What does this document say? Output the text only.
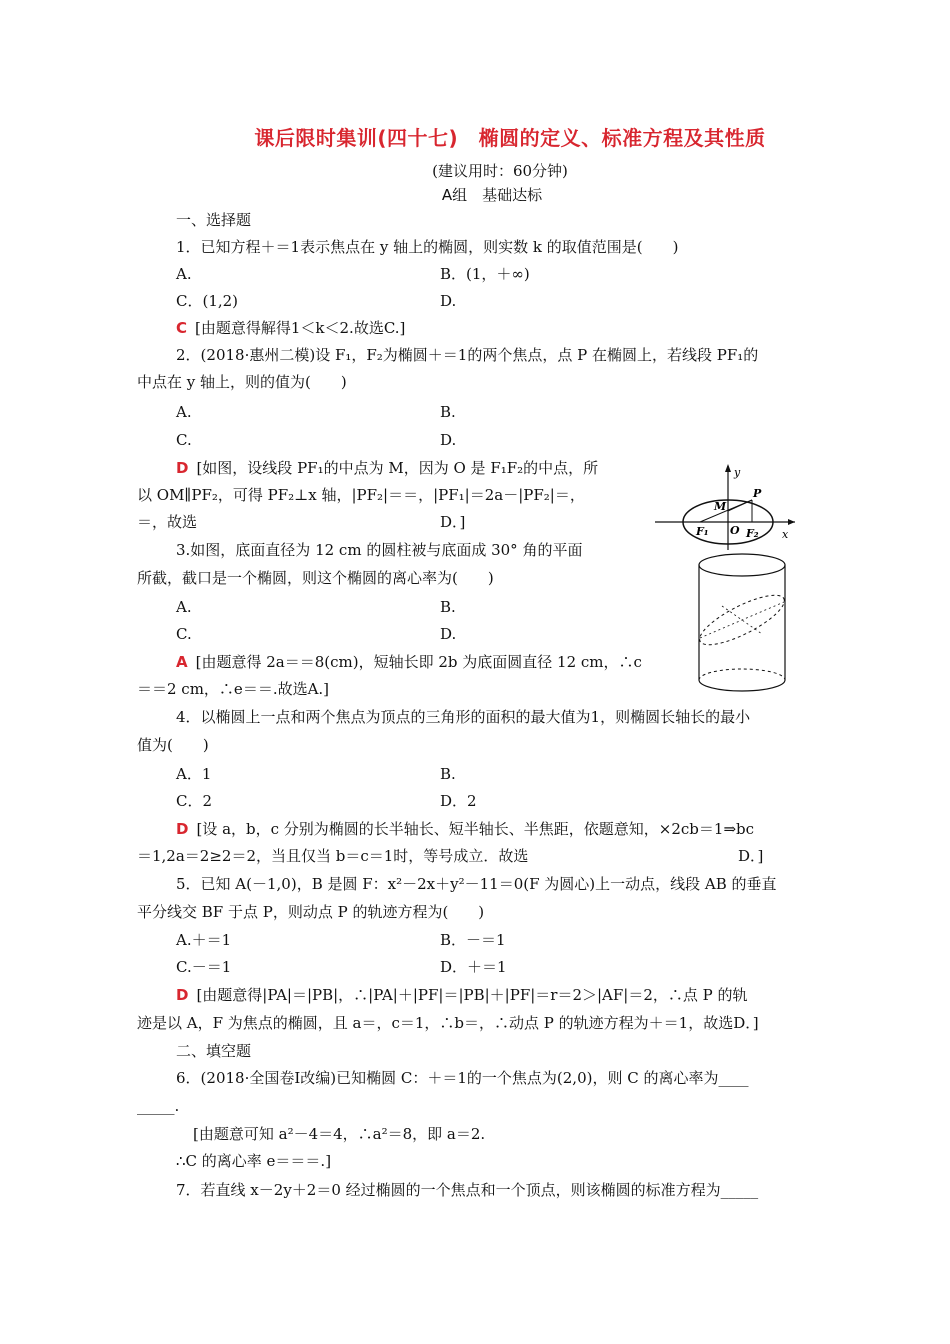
课后限时集训(四十七)　椭圆的定义、标准方程及其性质
(建议用时：60分钟)
A组　基础达标
一、选择题
1．已知方程＋＝1表示焦点在 y 轴上的椭圆，则实数 k 的取值范围是(　　)
A.	B．(1，＋∞)
C．(1,2)	D.
C [由题意得解得1＜k＜2.故选C.]
2．(2018·惠州二模)设 F₁，F₂为椭圆＋＝1的两个焦点，点 P 在椭圆上，若线段 PF₁的
中点在 y 轴上，则的值为(　　)
A.	B.
C.	D.
D [如图，设线段 PF₁的中点为 M，因为 O 是 F₁F₂的中点，所
以 OM∥PF₂，可得 PF₂⊥x 轴，|PF₂|＝＝，|PF₁|＝2a－|PF₂|＝，
＝，故选	D．]
3.如图，底面直径为 12 cm 的圆柱被与底面成 30° 角的平面
所截，截口是一个椭圆，则这个椭圆的离心率为(　　)
A.	B.
C.	D.
A [由题意得 2a＝＝8(cm)，短轴长即 2b 为底面圆直径 12 cm，∴c
＝＝2 cm，∴e＝＝.故选A.]
4．以椭圆上一点和两个焦点为顶点的三角形的面积的最大值为1，则椭圆长轴长的最小
值为(　　)
A．1	B.
C．2	D．2
D [设 a，b，c 分别为椭圆的长半轴长、短半轴长、半焦距，依题意知，×2cb＝1⇒bc
＝1,2a＝2≥2＝2，当且仅当 b＝c＝1时，等号成立．故选	D．]
5．已知 A(－1,0)，B 是圆 F：x²－2x＋y²－11＝0(F 为圆心)上一动点，线段 AB 的垂直
平分线交 BF 于点 P，则动点 P 的轨迹方程为(　　)
A.＋＝1	B．－＝1
C.－＝1	D．＋＝1
D [由题意得|PA|＝|PB|，∴|PA|＋|PF|＝|PB|＋|PF|＝r＝2＞|AF|＝2，∴点 P 的轨
迹是以 A，F 为焦点的椭圆，且 a＝，c＝1，∴b＝，∴动点 P 的轨迹方程为＋＝1，故选D．]
二、填空题
6．(2018·全国卷Ⅰ改编)已知椭圆 C：＋＝1的一个焦点为(2,0)，则 C 的离心率为____
_____.
[由题意可知 a²－4＝4，∴a²＝8，即 a＝2.
∴C 的离心率 e＝＝＝.]
7．若直线 x－2y＋2＝0 经过椭圆的一个焦点和一个顶点，则该椭圆的标准方程为_____
y
x
P
M
F₁ O F₂
